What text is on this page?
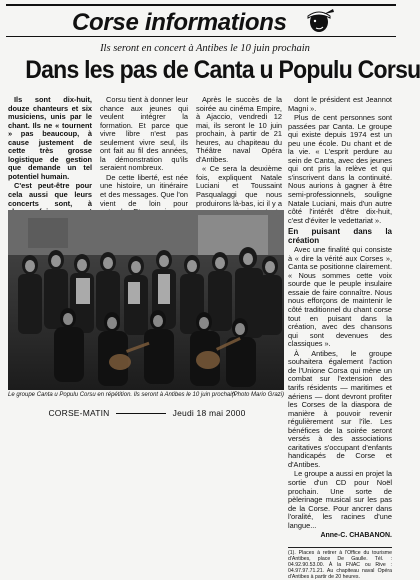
Corse informations
Ils seront en concert à Antibes le 10 juin prochain
Dans les pas de Canta u Populu Corsu

Ils sont dix-huit, douze chanteurs et six musiciens, unis par le chant. Ils ne « tournent » pas beaucoup, à cause justement de cette très grosse logistique de gestion que demande un tel potentiel humain.

C'est peut-être pour cela aussi que leurs concerts sont, à

Corsu tient à donner leur chance aux jeunes qui veulent intégrer la formation. Et parce que vivre libre n'est pas seulement vivre seul, ils ont fait au fil des années, la démonstration qu'ils seraient nombreux.

De cette liberté, est née une histoire, un itinéraire et des messages. Que l'on vient de loin pour

Après le succès de la soirée au cinéma Empire, à Ajaccio, vendredi 12 mai, ils seront le 10 juin prochain, à partir de 21 heures, au chapiteau du Théâtre naval Opéra d'Antibes.

« Ce sera la deuxième fois, expliquent Natale Luciani et Toussaint Pasqualaggi que nous produirons là-bas, ici il y a

dont le président est Jeannot Magni ».

Plus de cent personnes sont passées par Canta. Le groupe qui existe depuis 1974 est un peu une école. Du chant et de la vie. « L'esprit perdure au sein de Canta, avec des jeunes qui ont pris la relève et qui s'inscrivent dans la continuité. Nous aurions à gagner à être semi-professionnels, souligne Natale Luciani, mais d'un autre côté l'intérêt d'être dix-huit, c'est d'éviter le vedettariat ».

En puisant dans la création

Avec une finalité qui consiste à « dire la vérité aux Corses », Canta se positionne clairement. « Nous sommes cette voix sourde que le peuple insulaire essaie de faire connaître. Nous nous efforçons de maintenir le côté traditionnel du chant corse tout en puisant dans la création, avec des chansons qui sont devenues des classiques ».

À Antibes, le groupe souhaitera également l'action de l'Unione Corsa qui mène un combat sur l'extension des tarifs résidents — maritimes et aériens — dont devront profiter les Corses de la diaspora de manière à pouvoir revenir régulièrement sur l'île. Les bénéfices de la soirée seront versés à des associations caritatives s'occupant d'enfants handicapés de Corse et d'Antibes.

Le groupe a aussi en projet la sortie d'un CD pour Noël prochain. Une sorte de pèlerinage musical sur les pas de la Corse. Pour ancrer dans l'oralité, les racines d'une langue...

Anne-C. CHABANON.

(1). Places à retirer à l'Office du tourisme d'Antibes, place De Gaulle. Tél. : 04.92.90.53.00. À la FNAC ou Rive : 04.97.97.71.21. Au chapiteau naval Opéra d'Antibes à partir de 20 heures.

Le groupe Canta u Populu Corsu en répétition. Ils seront à Antibes le 10 juin prochain.
(Photo Mario Grazi)
CORSE-MATIN	Jeudi 18 mai 2000
